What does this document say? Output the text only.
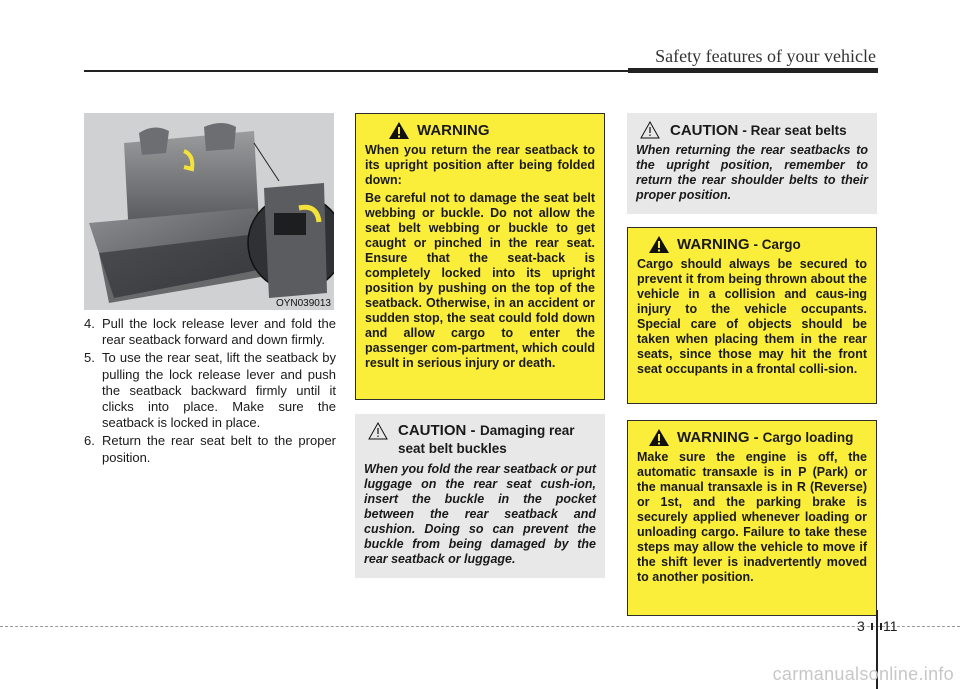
Safety features of your vehicle
OYN039013
4. Pull the lock release lever and fold the rear seatback forward and down firmly.
5. To use the rear seat, lift the seatback by pulling the lock release lever and push the seatback backward firmly until it clicks into place. Make sure the seatback is locked in place.
6. Return the rear seat belt to the proper position.
WARNING

When you return the rear seatback to its upright position after being folded down:

Be careful not to damage the seat belt webbing or buckle. Do not allow the seat belt webbing or buckle to get caught or pinched in the rear seat. Ensure that the seat-back is completely locked into its upright position by pushing on the top of the seatback. Otherwise, in an accident or sudden stop, the seat could fold down and allow cargo to enter the passenger com-partment, which could result in serious injury or death.

CAUTION - Damaging rear seat belt buckles
When you fold the rear seatback or put luggage on the rear seat cush-ion, insert the buckle in the pocket between the rear seatback and cushion. Doing so can prevent the buckle from being damaged by the rear seatback or luggage.
CAUTION - Rear seat belts
When returning the rear seatbacks to the upright position, remember to return the rear shoulder belts to their proper position.
WARNING - Cargo
Cargo should always be secured to prevent it from being thrown about the vehicle in a collision and caus-ing injury to the vehicle occupants. Special care of objects should be taken when placing them in the rear seats, since those may hit the front seat occupants in a frontal colli-sion.
WARNING - Cargo loading
Make sure the engine is off, the automatic transaxle is in P (Park) or the manual transaxle is in R (Reverse) or 1st, and the parking brake is securely applied whenever loading or unloading cargo. Failure to take these steps may allow the vehicle to move if the shift lever is inadvertently moved to another position.
3 11
carmanualsonline.info
